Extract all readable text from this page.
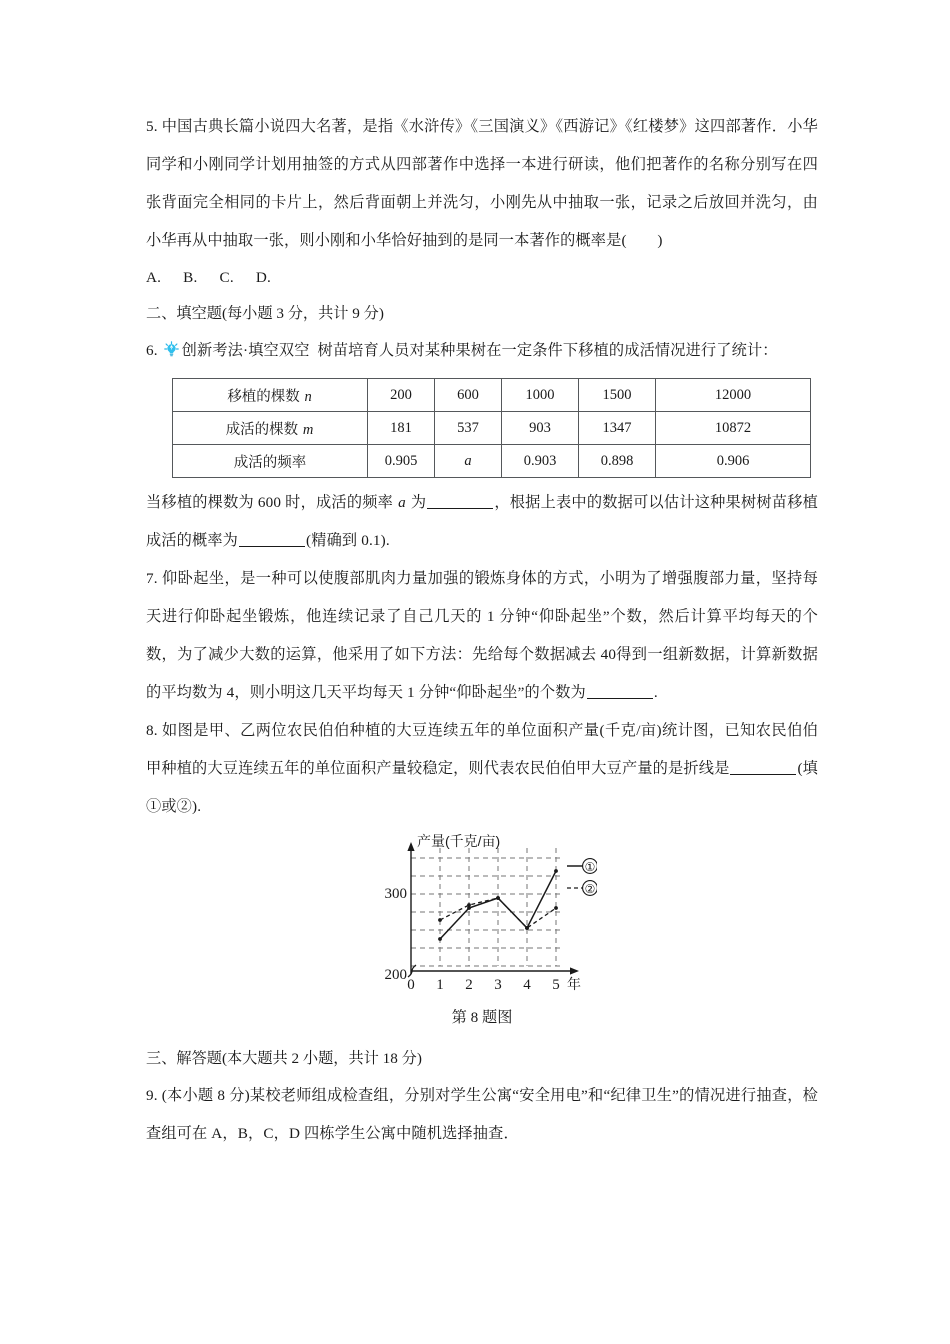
5. 中国古典长篇小说四大名著，是指《水浒传》《三国演义》《西游记》《红楼梦》这四部著作．小华同学和小刚同学计划用抽签的方式从四部著作中选择一本进行研读，他们把著作的名称分别写在四张背面完全相同的卡片上，然后背面朝上并洗匀，小刚先从中抽取一张，记录之后放回并洗匀，由小华再从中抽取一张，则小刚和小华恰好抽到的是同一本著作的概率是(　　)

A. B. C. D.

二、填空题(每小题 3 分，共计 9 分)

6. 创新考法·填空双空 树苗培育人员对某种果树在一定条件下移植的成活情况进行了统计：

移植的棵数 n	200	600	1000	1500	12000
成活的棵数 m	181	537	903	1347	10872
成活的频率	0.905	a	0.903	0.898	0.906

当移植的棵数为 600 时，成活的频率 a 为	，根据上表中的数据可以估计这种果树树苗移植成活的概率为	(精确到 0.1).

7. 仰卧起坐，是一种可以使腹部肌肉力量加强的锻炼身体的方式，小明为了增强腹部力量，坚持每天进行仰卧起坐锻炼，他连续记录了自己几天的 1 分钟“仰卧起坐”个数，然后计算平均每天的个数，为了减少大数的运算，他采用了如下方法：先给每个数据减去 40得到一组新数据，计算新数据的平均数为 4，则小明这几天平均每天 1 分钟“仰卧起坐”的个数为	.

8. 如图是甲、乙两位农民伯伯种植的大豆连续五年的单位面积产量(千克/亩)统计图，已知农民伯伯甲种植的大豆连续五年的单位面积产量较稳定，则代表农民伯伯甲大豆产量的是折线是	(填①或②).

300
200
0 1 2 3 4 5 年
产量(千克/亩)
①
②

第 8 题图

三、解答题(本大题共 2 小题，共计 18 分)

9. (本小题 8 分)某校老师组成检查组，分别对学生公寓“安全用电”和“纪律卫生”的情况进行抽查，检查组可在 A，B，C，D 四栋学生公寓中随机选择抽查．
